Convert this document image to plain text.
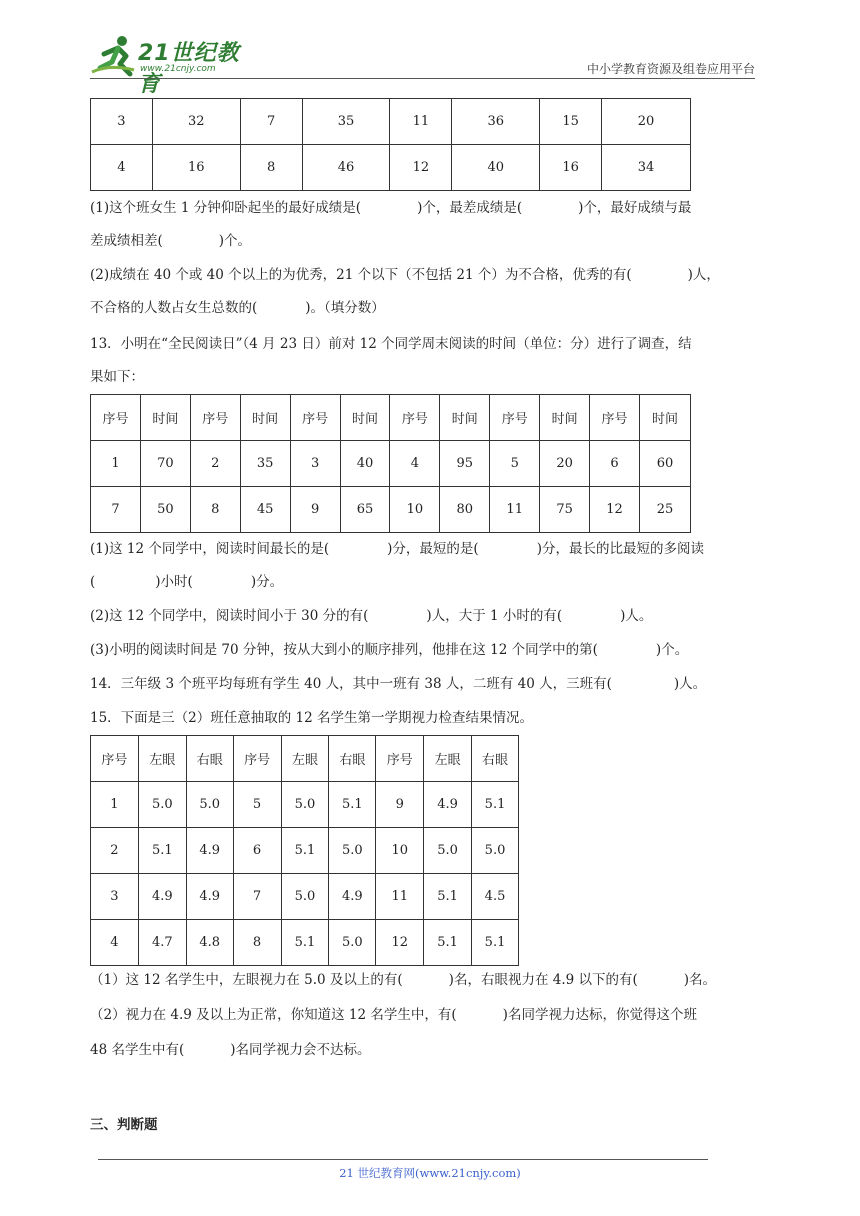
21世纪教育
www.21cnjy.com	中小学教育资源及组卷应用平台
3	32	7	35	11	36	15	20
4	16	8	46	12	40	16	34
(1)这个班女生 1 分钟仰卧起坐的最好成绩是(	)个，最差成绩是(	)个，最好成绩与最
差成绩相差(	)个。
(2)成绩在 40 个或 40 个以上的为优秀，21 个以下（不包括 21 个）为不合格，优秀的有(	)人，
不合格的人数占女生总数的(	)。（填分数）
13．小明在“全民阅读日”（4 月 23 日）前对 12 个同学周末阅读的时间（单位：分）进行了调查，结
果如下：
序号	时间	序号	时间	序号	时间	序号	时间	序号	时间	序号	时间
1	70	2	35	3	40	4	95	5	20	6	60
7	50	8	45	9	65	10	80	11	75	12	25
(1)这 12 个同学中，阅读时间最长的是(	)分，最短的是(	)分，最长的比最短的多阅读
(	)小时(	)分。
(2)这 12 个同学中，阅读时间小于 30 分的有(	)人，大于 1 小时的有(	)人。
(3)小明的阅读时间是 70 分钟，按从大到小的顺序排列，他排在这 12 个同学中的第(	)个。
14．三年级 3 个班平均每班有学生 40 人，其中一班有 38 人，二班有 40 人，三班有(	)人。
15．下面是三（2）班任意抽取的 12 名学生第一学期视力检查结果情况。
序号	左眼	右眼	序号	左眼	右眼	序号	左眼	右眼
1	5.0	5.0	5	5.0	5.1	9	4.9	5.1
2	5.1	4.9	6	5.1	5.0	10	5.0	5.0
3	4.9	4.9	7	5.0	4.9	11	5.1	4.5
4	4.7	4.8	8	5.1	5.0	12	5.1	5.1
（1）这 12 名学生中，左眼视力在 5.0 及以上的有(	)名，右眼视力在 4.9 以下的有(	)名。
（2）视力在 4.9 及以上为正常，你知道这 12 名学生中，有(	)名同学视力达标，你觉得这个班
48 名学生中有(	)名同学视力会不达标。
三、判断题
21 世纪教育网(www.21cnjy.com)
